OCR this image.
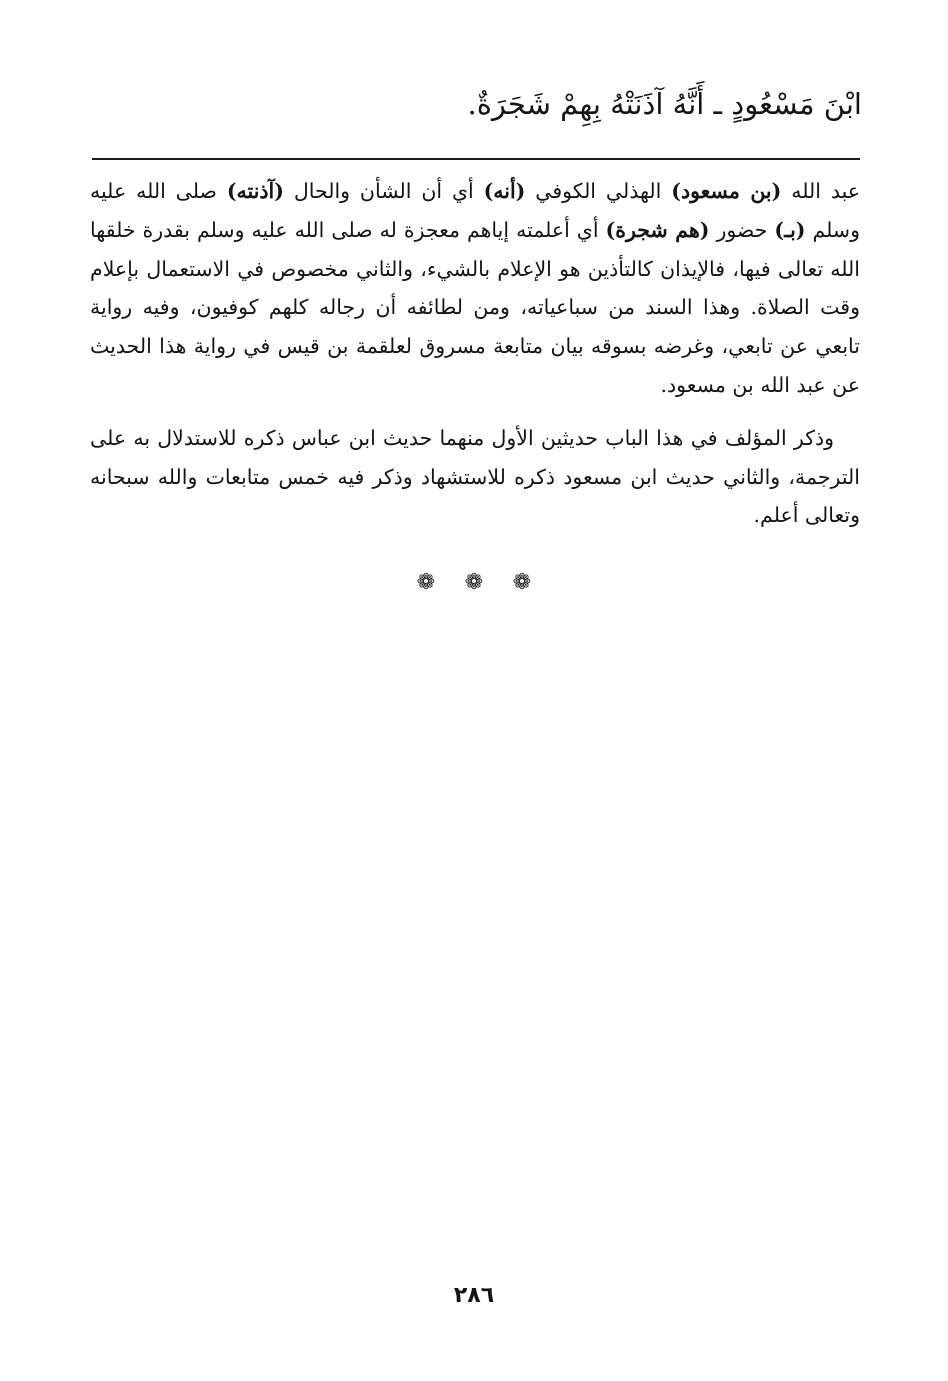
ابْنَ مَسْعُودٍ ـ أَنَّهُ آذَنَتْهُ بِهِمْ شَجَرَةٌ.

عبد الله (بن مسعود) الهذلي الكوفي (أنه) أي أن الشأن والحال (آذنته) صلى الله عليه وسلم (بـ) حضور (هم شجرة) أي أعلمته إياهم معجزة له صلى الله عليه وسلم بقدرة خلقها الله تعالى فيها، فالإيذان كالتأذين هو الإعلام بالشيء، والثاني مخصوص في الاستعمال بإعلام وقت الصلاة. وهذا السند من سباعياته، ومن لطائفه أن رجاله كلهم كوفيون، وفيه رواية تابعي عن تابعي، وغرضه بسوقه بيان متابعة مسروق لعلقمة بن قيس في رواية هذا الحديث عن عبد الله بن مسعود.

وذكر المؤلف في هذا الباب حديثين الأول منهما حديث ابن عباس ذكره للاستدلال به على الترجمة، والثاني حديث ابن مسعود ذكره للاستشهاد وذكر فيه خمس متابعات والله سبحانه وتعالى أعلم.

❁ ❁ ❁
٢٨٦
